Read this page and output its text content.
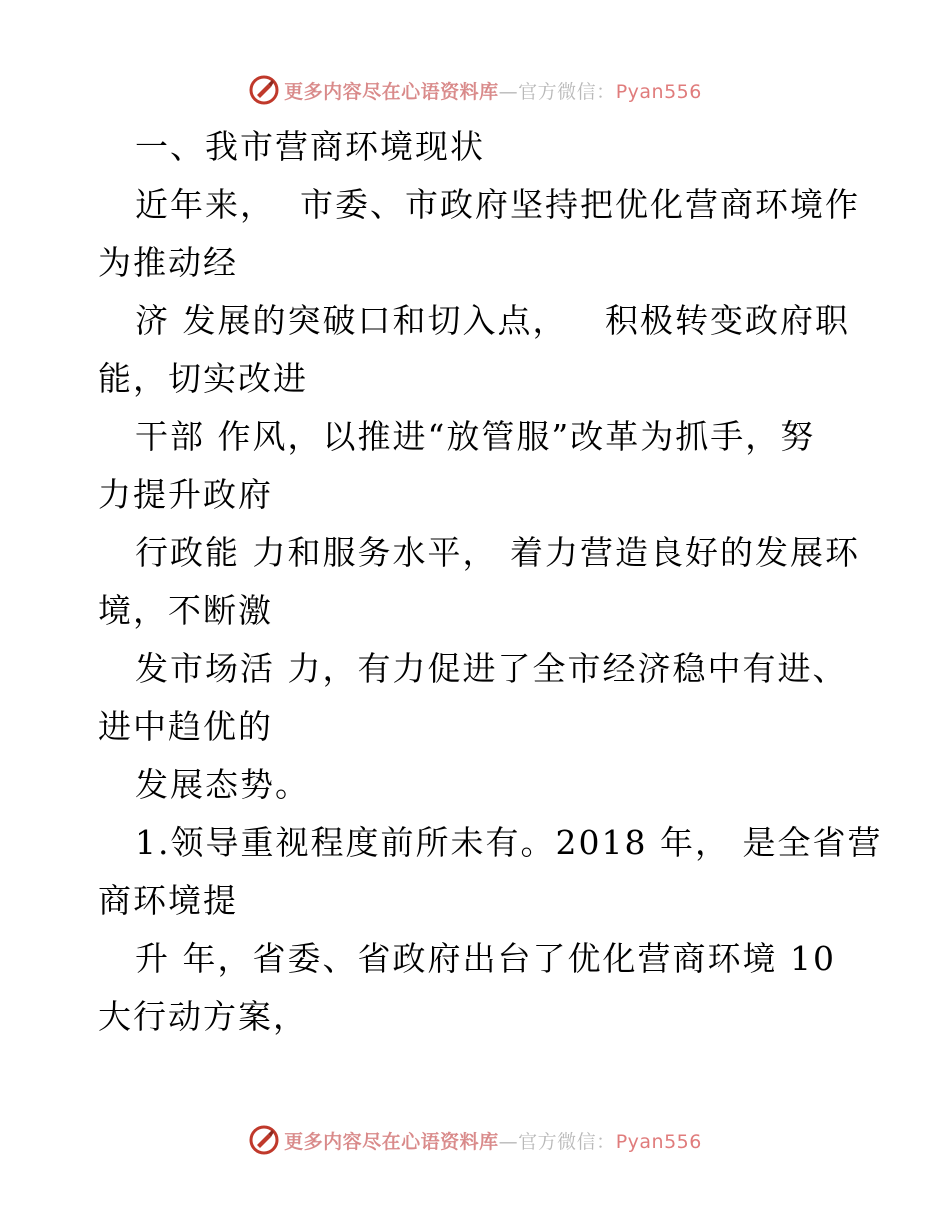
更多内容尽在心语资料库—官方微信：Pyan556
一、我市营商环境现状
近年来，  市委、市政府坚持把优化营商环境作
为推动经
济 发展的突破口和切入点，   积极转变政府职
能，切实改进
干部 作风，以推进“放管服”改革为抓手，努
力提升政府
行政能 力和服务水平， 着力营造良好的发展环
境，不断激
发市场活 力，有力促进了全市经济稳中有进、
进中趋优的
发展态势。
1.领导重视程度前所未有。2018 年， 是全省营
商环境提
升 年，省委、省政府出台了优化营商环境 10
大行动方案，
更多内容尽在心语资料库—官方微信：Pyan556
